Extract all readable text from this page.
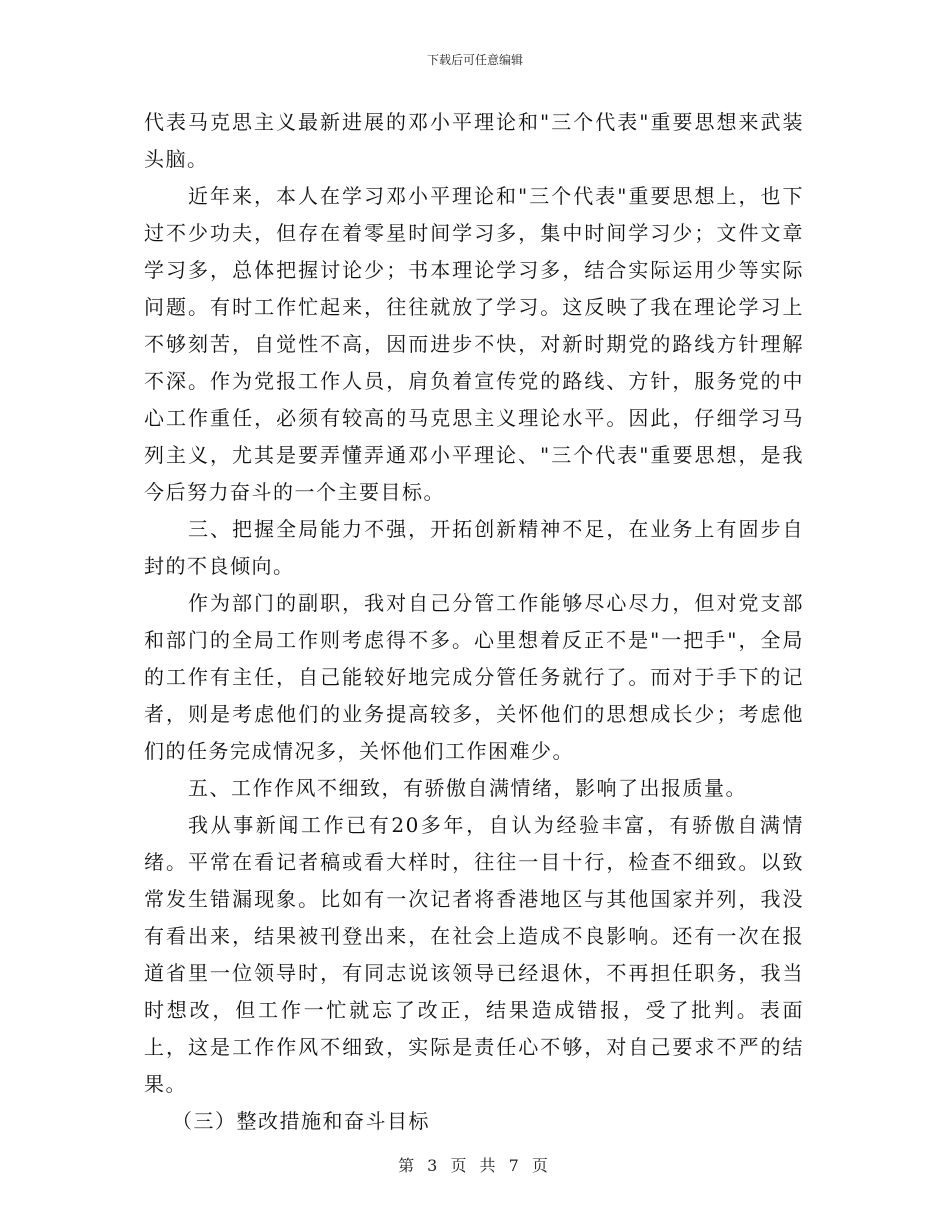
下载后可任意编辑

代表马克思主义最新进展的邓小平理论和"三个代表"重要思想来武装头脑。

近年来，本人在学习邓小平理论和"三个代表"重要思想上，也下过不少功夫，但存在着零星时间学习多，集中时间学习少；文件文章学习多，总体把握讨论少；书本理论学习多，结合实际运用少等实际问题。有时工作忙起来，往往就放了学习。这反映了我在理论学习上不够刻苦，自觉性不高，因而进步不快，对新时期党的路线方针理解不深。作为党报工作人员，肩负着宣传党的路线、方针，服务党的中心工作重任，必须有较高的马克思主义理论水平。因此，仔细学习马列主义，尤其是要弄懂弄通邓小平理论、"三个代表"重要思想，是我今后努力奋斗的一个主要目标。

三、把握全局能力不强，开拓创新精神不足，在业务上有固步自封的不良倾向。

作为部门的副职，我对自己分管工作能够尽心尽力，但对党支部和部门的全局工作则考虑得不多。心里想着反正不是"一把手"，全局的工作有主任，自己能较好地完成分管任务就行了。而对于手下的记者，则是考虑他们的业务提高较多，关怀他们的思想成长少；考虑他们的任务完成情况多，关怀他们工作困难少。

五、工作作风不细致，有骄傲自满情绪，影响了出报质量。

我从事新闻工作已有20多年，自认为经验丰富，有骄傲自满情绪。平常在看记者稿或看大样时，往往一目十行，检查不细致。以致常发生错漏现象。比如有一次记者将香港地区与其他国家并列，我没有看出来，结果被刊登出来，在社会上造成不良影响。还有一次在报道省里一位领导时，有同志说该领导已经退休，不再担任职务，我当时想改，但工作一忙就忘了改正，结果造成错报，受了批判。表面上，这是工作作风不细致，实际是责任心不够，对自己要求不严的结果。

（三）整改措施和奋斗目标

第 3 页 共 7 页
